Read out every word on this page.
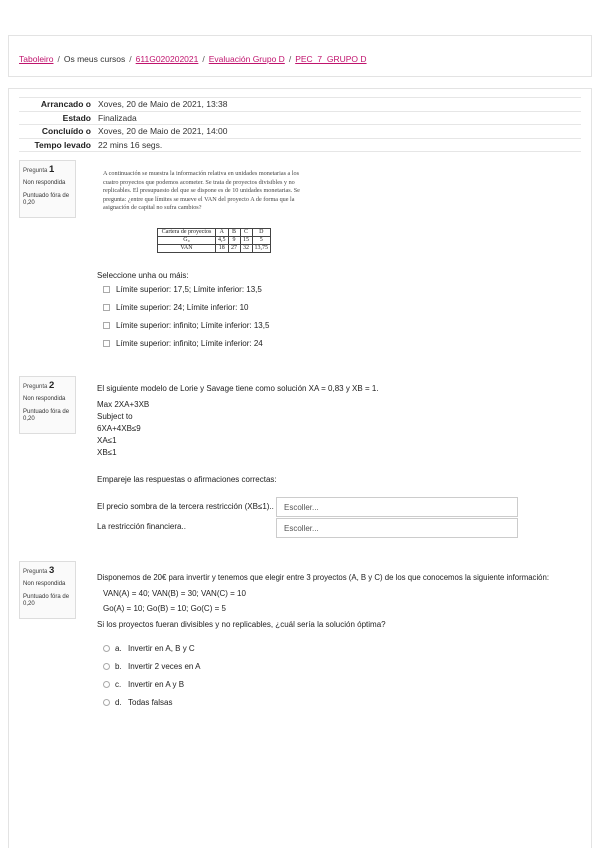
Taboleiro / Os meus cursos / 611G020202021 / Evaluación Grupo D / PEC_7_GRUPO D
Arrancado o	Xoves, 20 de Maio de 2021, 13:38
Estado	Finalizada
Concluído o	Xoves, 20 de Maio de 2021, 14:00
Tempo levado	22 mins 16 segs.
Pregunta 1
Non respondida
Puntuado fóra de 0,20

A continuación se muestra la información relativa en unidades monetarias a los

cuatro proyectos que podemos acometer. Se trata de proyectos divisibles y no

replicables. El presupuesto del que se dispone es de 10 unidades monetarias. Se

pregunta: ¿entre que límites se mueve el VAN del proyecto A de forma que la

asignación de capital no sufra cambios?

Cartera de proyectos	A	B	C	D
G₀	4,5	9	15	5
VAN	18	27	32	13,75
Seleccione unha ou máis:
Límite superior: 17,5; Límite inferior: 13,5
Límite superior: 24; Límite inferior: 10
Límite superior: infinito; Límite inferior: 13,5
Límite superior: infinito; Límite inferior: 24
Pregunta 2
Non respondida
Puntuado fóra de 0,20
El siguiente modelo de Lorie y Savage tiene como solución XA = 0,83 y XB = 1.
Max 2XA+3XB
Subject to
6XA+4XB≤9
XA≤1
XB≤1
Empareje las respuestas o afirmaciones correctas:
El precio sombra de la tercera restricción (XB≤1)..	Escoller...
La restricción financiera..	Escoller...
Pregunta 3
Non respondida
Puntuado fóra de 0,20
Disponemos de 20€ para invertir y tenemos que elegir entre 3 proyectos (A, B y C) de los que conocemos la siguiente información:
VAN(A) = 40; VAN(B) = 30; VAN(C) = 10
Go(A) = 10; Go(B) = 10; Go(C) = 5
Si los proyectos fueran divisibles y no replicables, ¿cuál sería la solución óptima?
a. Invertir en A, B y C
b. Invertir 2 veces en A
c. Invertir en A y B
d. Todas falsas
